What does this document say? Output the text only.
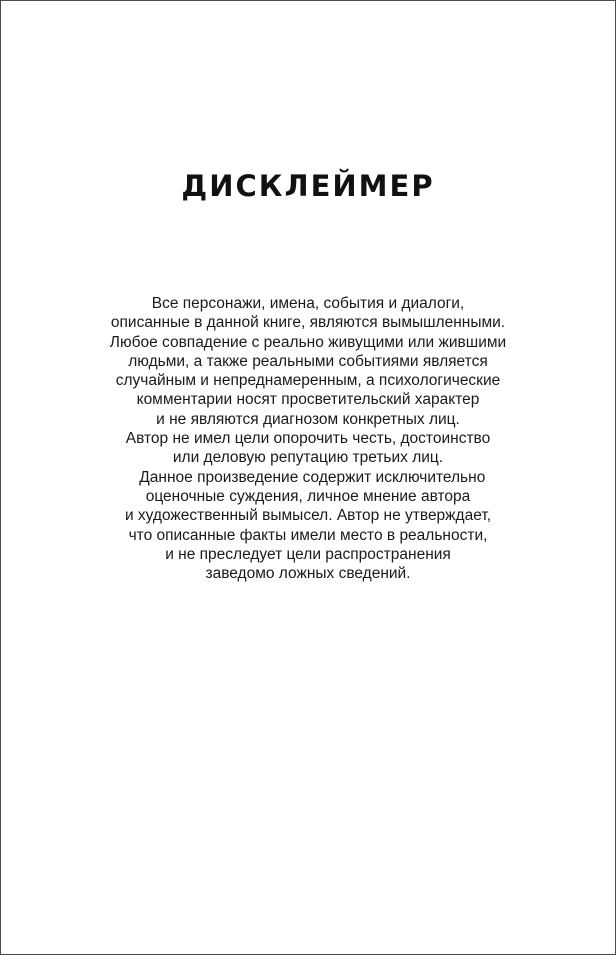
ДИСКЛЕЙМЕР
Все персонажи, имена, события и диалоги,
описанные в данной книге, являются вымышленными.
Любое совпадение с реально живущими или жившими
людьми, а также реальными событиями является
случайным и непреднамеренным, а психологические
комментарии носят просветительский характер
и не являются диагнозом конкретных лиц.
Автор не имел цели опорочить честь, достоинство
или деловую репутацию третьих лиц.
Данное произведение содержит исключительно
оценочные суждения, личное мнение автора
и художественный вымысел. Автор не утверждает,
что описанные факты имели место в реальности,
и не преследует цели распространения
заведомо ложных сведений.
